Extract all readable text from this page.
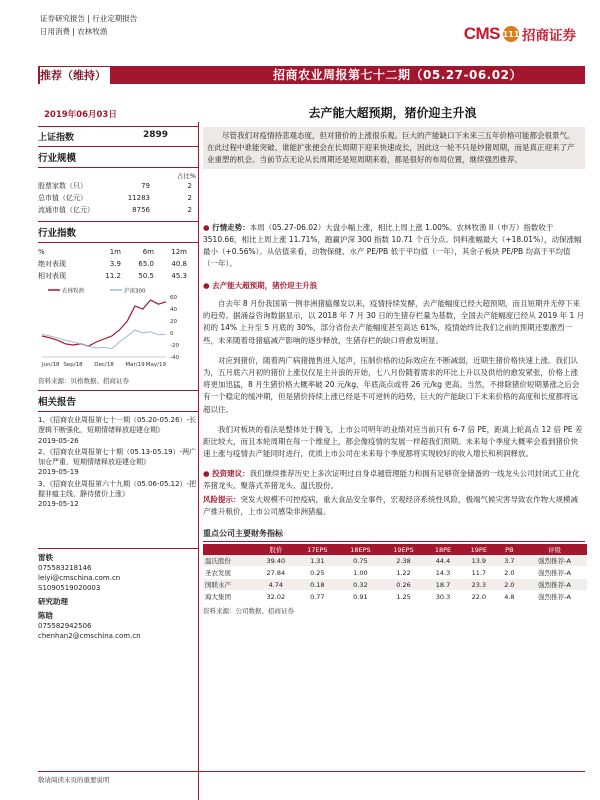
证券研究报告 | 行业定期报告
日用消费 | 农林牧渔	CMS 111 招商证券
推荐（维持）	招商农业周报第七十二期（05.27-06.02）
2019年06月03日	去产能大超预期，猪价迎主升浪
上证指数	2899
行业规模
占比%
股票家数（只）	79	2
总市值（亿元）	11283	2
流通市值（亿元）	8756	2
行业指数
%	1m	6m	12m
绝对表现	3.9	65.0	40.8
相对表现	11.2	50.5	45.3
农林牧渔	沪深300
-40
-20
0
20
40
60
Jun/18 Sep/18 Dec/18 Mar/19 May/19
资料来源：贝格数据、招商证券
相关报告
1、《招商农业周报第七十一期（05.20-05.26）-长逻辑不断强化，短期情绪释放迎建仓期》
2019-05-26
2、《招商农业周报第七十期（05.13-05.19）-两广加仓严重，短期情绪释放迎建仓期》
2019-05-19
3、《招商农业周报第六十九期（05.06-05.12）-把握非瘟主线，静待猪价上涨》
2019-05-12
雷轶
075583218146
leiyi@cmschina.com.cn
S1090519020003
研究助理
陈晗
075582942506
chenhan2@cmschina.com.cn
尽管我们对疫情持悲观态度，但对猪价的上涨很乐观。巨大的产能缺口下未来三五年价格可能都会很景气。在此过程中谁能突破、谁能扩张便会在长周期下迎来快速成长，因此这一轮不只是炒猪周期，而是真正迎来了产业重塑的机会。当前节点无论从长周期还是短周期来看，都是很好的布局位置，继续强烈推荐。
● 行情走势：本周（05.27-06.02）大盘小幅上涨，相比上周上涨 1.00%。农林牧渔 II（申万）指数收于 3510.66，相比上周上涨 11.71%，跑赢沪深 300 指数 10.71 个百分点。饲料涨幅最大（+18.01%），动保涨幅最小（+0.56%）。从估值来看，动物保健、水产 PE/PB 低于平均值（一年），其余子板块 PE/PB 均高于平均值（一年）。
● 去产能大超预期，猪价迎主升浪
自去年 8 月份我国第一例非洲猪瘟爆发以来，疫情持续发酵，去产能幅度已经大超预期，而且短期并无停下来的趋势。据涌益咨询数据显示，以 2018 年 7 月 30 日的生猪存栏量为基数，全国去产能幅度已经从 2019 年 1 月初的 14% 上升至 5 月底的 30%，部分省份去产能幅度甚至高达 61%，疫情始终比我们之前的预期还要激烈一些，未来随着母猪瘟减产影响的逐步释放，生猪存栏的缺口将愈发明显。
对应到猪价，随着两广病猪抛售进入尾声，压制价格的边际效应在不断减弱，近期生猪价格快速上涨。我们认为，五月底六月初的猪价上涨仅仅是主升浪的开始，七八月份随着需求的环比上升以及供给的愈发紧张，价格上涨将更加迅猛，8 月生猪价格大概率破 20 元/kg，年底高点或将 26 元/kg 更高。当然，不排除猪价短期暴涨之后会有一个稳定的缓冲期，但是猪价持续上涨已经是不可逆转的趋势，巨大的产能缺口下未来价格的高度和长度都将远超以往。
我们对板块的看法是整体处于腾飞，上市公司明年的业绩对应当前只有 6-7 倍 PE，距离上轮高点 12 倍 PE 差距比较大，而且本轮周期在每一个维度上，都会像疫情的发展一样超我们预期。未来每个季度大概率会看到猪价快速上涨与疫情去产能同时进行，优质上市公司在未来每个季度都将实现较好的收入增长和利润释放。
● 投资建议：我们继续推荐历史上多次证明过自身卓越管理能力和拥有足够资金储备的一线龙头公司封闭式工业化养猪龙头、聚落式养猪龙头、温氏股份。
风险提示：突发大规模不可控疫病，重大食品安全事件，宏观经济系统性风险，极端气候灾害导致农作物大规模减产推升粮价，上市公司感染非洲猪瘟。
重点公司主要财务指标
	股价	17EPS	18EPS	19EPS	18PE	19PE	PB	评级
温氏股份	39.40	1.31	0.75	2.38	44.4	13.9	3.7	强烈推荐-A
圣农发展	27.84	0.25	1.00	1.22	14.3	11.7	2.0	强烈推荐-A
国联水产	4.74	0.18	0.32	0.26	18.7	23.3	2.0	强烈推荐-A
海大集团	32.02	0.77	0.91	1.25	30.3	22.0	4.8	强烈推荐-A
资料来源：公司数据、招商证券
敬请阅读末页的重要说明
